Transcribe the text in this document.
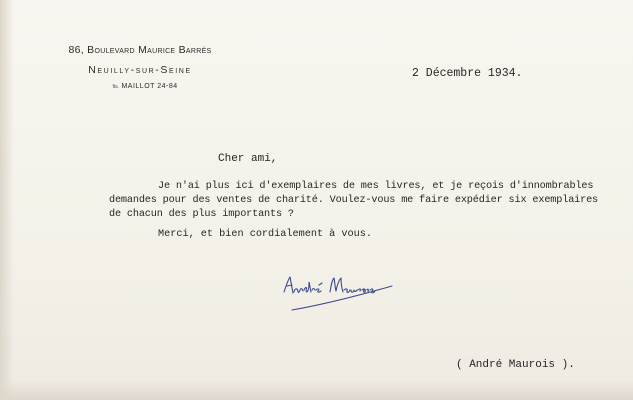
86, Boulevard Maurice Barrès
Neuilly-sur-Seine
℡ MAILLOT 24-84
2 Décembre 1934.
Cher ami,
Je n'ai plus ici d'exemplaires de mes livres, et je reçois d'innombrables
demandes pour des ventes de charité. Voulez-vous me faire expédier six exemplaires
de chacun des plus importants ?
Merci, et bien cordialement à vous.
( André Maurois ).
